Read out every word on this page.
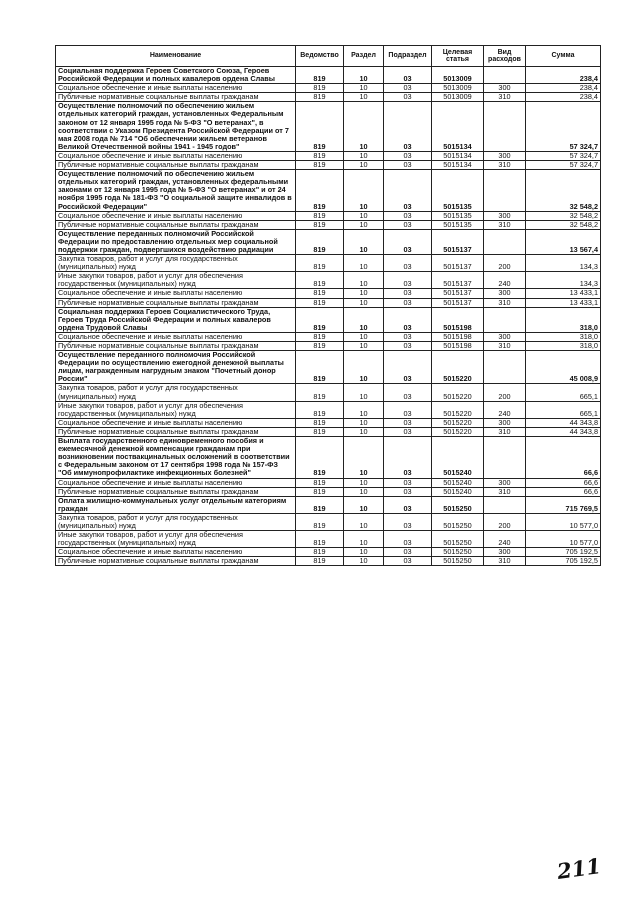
Наименование	Ведомство	Раздел	Подраздел	Целевая статья	Вид расходов	Сумма
Социальная поддержка Героев Советского Союза, Героев Российской Федерации и полных кавалеров ордена Славы	819	10	03	5013009		238,4
Социальное обеспечение и иные выплаты населению	819	10	03	5013009	300	238,4
Публичные нормативные социальные выплаты гражданам	819	10	03	5013009	310	238,4
Осуществление полномочий по обеспечению жильем отдельных категорий граждан, установленных Федеральным законом от 12 января 1995 года № 5-ФЗ "О ветеранах", в соответствии с Указом Президента Российской Федерации от 7 мая 2008 года № 714 "Об обеспечении жильем ветеранов Великой Отечественной войны 1941 - 1945 годов"	819	10	03	5015134		57 324,7
Социальное обеспечение и иные выплаты населению	819	10	03	5015134	300	57 324,7
Публичные нормативные социальные выплаты гражданам	819	10	03	5015134	310	57 324,7
Осуществление полномочий по обеспечению жильем отдельных категорий граждан, установленных федеральными законами от 12 января 1995 года № 5-ФЗ "О ветеранах" и от 24 ноября 1995 года № 181-ФЗ "О социальной защите инвалидов в Российской Федерации"	819	10	03	5015135		32 548,2
Социальное обеспечение и иные выплаты населению	819	10	03	5015135	300	32 548,2
Публичные нормативные социальные выплаты гражданам	819	10	03	5015135	310	32 548,2
Осуществление переданных полномочий Российской Федерации по предоставлению отдельных мер социальной поддержки граждан, подвергшихся воздействию радиации	819	10	03	5015137		13 567,4
Закупка товаров, работ и услуг для государственных (муниципальных) нужд	819	10	03	5015137	200	134,3
Иные закупки товаров, работ и услуг для обеспечения государственных (муниципальных) нужд	819	10	03	5015137	240	134,3
Социальное обеспечение и иные выплаты населению	819	10	03	5015137	300	13 433,1
Публичные нормативные социальные выплаты гражданам	819	10	03	5015137	310	13 433,1
Социальная поддержка Героев Социалистического Труда, Героев Труда Российской Федерации и полных кавалеров ордена Трудовой Славы	819	10	03	5015198		318,0
Социальное обеспечение и иные выплаты населению	819	10	03	5015198	300	318,0
Публичные нормативные социальные выплаты гражданам	819	10	03	5015198	310	318,0
Осуществление переданного полномочия Российской Федерации по осуществлению ежегодной денежной выплаты лицам, награжденным нагрудным знаком "Почетный донор России"	819	10	03	5015220		45 008,9
Закупка товаров, работ и услуг для государственных (муниципальных) нужд	819	10	03	5015220	200	665,1
Иные закупки товаров, работ и услуг для обеспечения государственных (муниципальных) нужд	819	10	03	5015220	240	665,1
Социальное обеспечение и иные выплаты населению	819	10	03	5015220	300	44 343,8
Публичные нормативные социальные выплаты гражданам	819	10	03	5015220	310	44 343,8
Выплата государственного единовременного пособия и ежемесячной денежной компенсации гражданам при возникновении поствакцинальных осложнений в соответствии с Федеральным законом от 17 сентября 1998 года № 157-ФЗ "Об иммунопрофилактике инфекционных болезней"	819	10	03	5015240		66,6
Социальное обеспечение и иные выплаты населению	819	10	03	5015240	300	66,6
Публичные нормативные социальные выплаты гражданам	819	10	03	5015240	310	66,6
Оплата жилищно-коммунальных услуг отдельным категориям граждан	819	10	03	5015250		715 769,5
Закупка товаров, работ и услуг для государственных (муниципальных) нужд	819	10	03	5015250	200	10 577,0
Иные закупки товаров, работ и услуг для обеспечения государственных (муниципальных) нужд	819	10	03	5015250	240	10 577,0
Социальное обеспечение и иные выплаты населению	819	10	03	5015250	300	705 192,5
Публичные нормативные социальные выплаты гражданам	819	10	03	5015250	310	705 192,5
211
